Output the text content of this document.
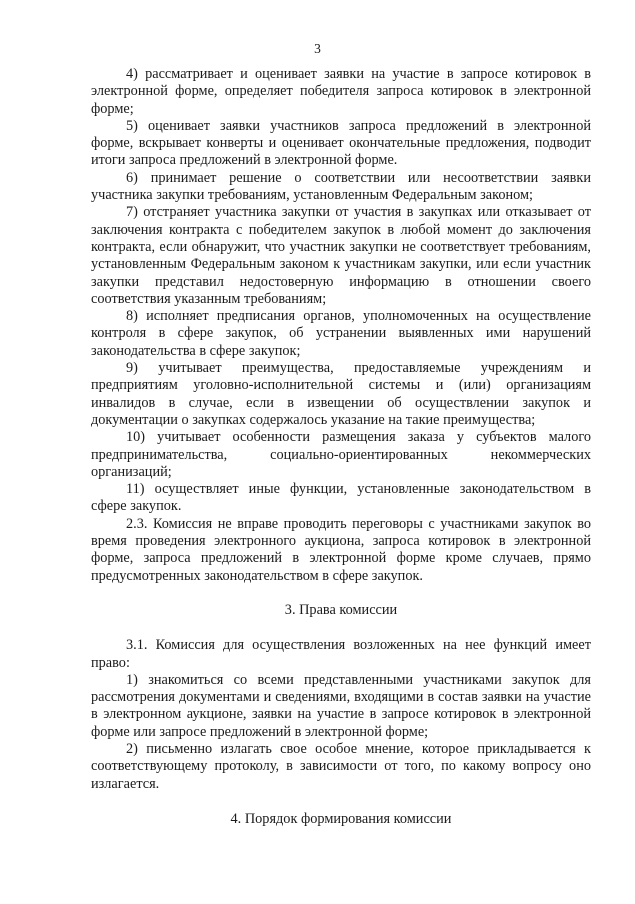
3

4) рассматривает и оценивает заявки на участие в запросе котировок в электронной форме, определяет победителя запроса котировок в электронной форме;

5) оценивает заявки участников запроса предложений в электронной форме, вскрывает конверты и оценивает окончательные предложения, подводит итоги запроса предложений в электронной форме.

6) принимает решение о соответствии или несоответствии заявки участника закупки требованиям, установленным Федеральным законом;

7) отстраняет участника закупки от участия в закупках или отказывает от заключения контракта с победителем закупок в любой момент до заключения контракта, если обнаружит, что участник закупки не соответствует требованиям, установленным Федеральным законом к участникам закупки, или если участник закупки представил недостоверную информацию в отношении своего соответствия указанным требованиям;

8) исполняет предписания органов, уполномоченных на осуществление контроля в сфере закупок, об устранении выявленных ими нарушений законодательства в сфере закупок;

9) учитывает преимущества, предоставляемые учреждениям и предприятиям уголовно-исполнительной системы и (или) организациям инвалидов в случае, если в извещении об осуществлении закупок и документации о закупках содержалось указание на такие преимущества;

10) учитывает особенности размещения заказа у субъектов малого предпринимательства, социально-ориентированных некоммерческих организаций;

11) осуществляет иные функции, установленные законодательством в сфере закупок.

2.3. Комиссия не вправе проводить переговоры с участниками закупок во время проведения электронного аукциона, запроса котировок в электронной форме, запроса предложений в электронной форме кроме случаев, прямо предусмотренных законодательством в сфере закупок.

3. Права комиссии

3.1. Комиссия для осуществления возложенных на нее функций имеет право:

1) знакомиться со всеми представленными участниками закупок для рассмотрения документами и сведениями, входящими в состав заявки на участие в электронном аукционе, заявки на участие в запросе котировок в электронной форме или запросе предложений в электронной форме;

2) письменно излагать свое особое мнение, которое прикладывается к соответствующему протоколу, в зависимости от того, по какому вопросу оно излагается.

4. Порядок формирования комиссии
